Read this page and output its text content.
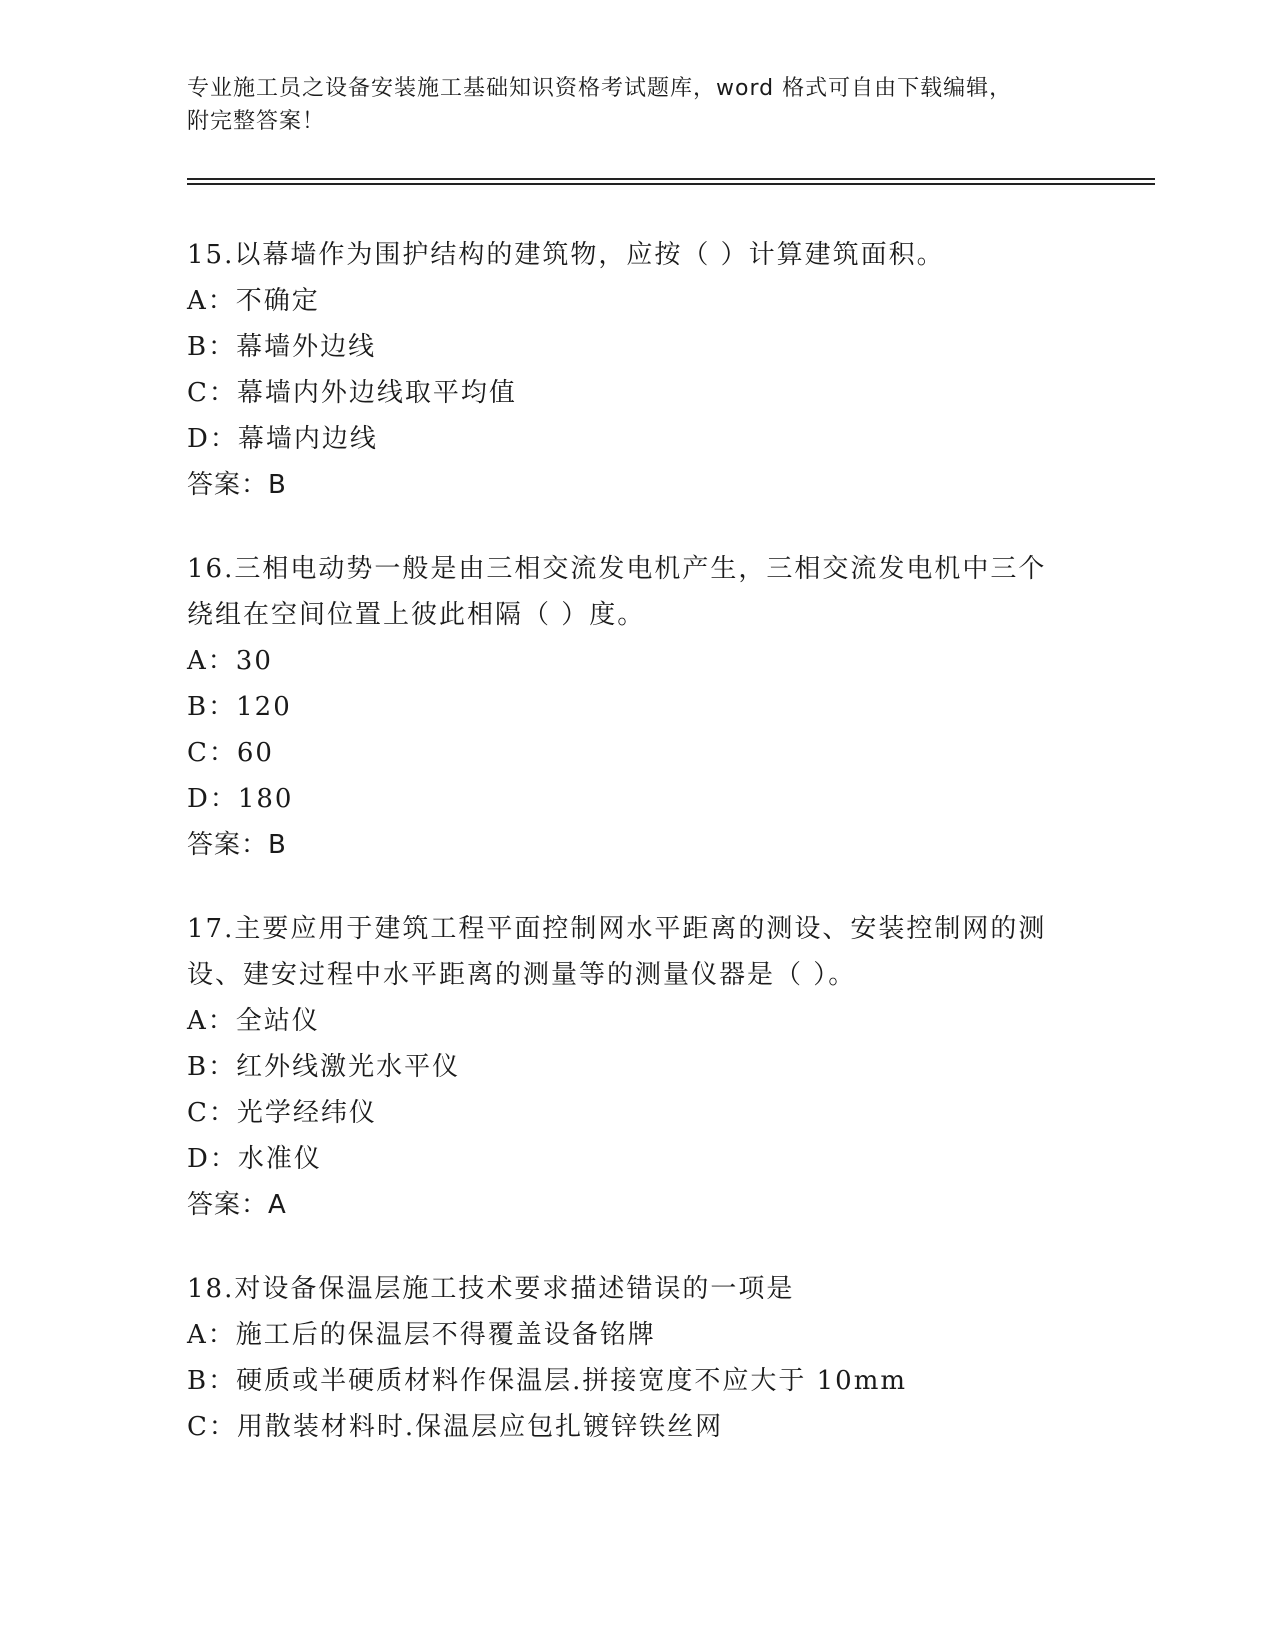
专业施工员之设备安装施工基础知识资格考试题库，word 格式可自由下载编辑，
附完整答案！
15.以幕墙作为围护结构的建筑物，应按（ ）计算建筑面积。
A：不确定
B：幕墙外边线
C：幕墙内外边线取平均值
D：幕墙内边线
答案：B
16.三相电动势一般是由三相交流发电机产生，三相交流发电机中三个
绕组在空间位置上彼此相隔（ ）度。
A：30
B：120
C：60
D：180
答案：B
17.主要应用于建筑工程平面控制网水平距离的测设、安装控制网的测
设、建安过程中水平距离的测量等的测量仪器是（ ）。
A：全站仪
B：红外线激光水平仪
C：光学经纬仪
D：水准仪
答案：A
18.对设备保温层施工技术要求描述错误的一项是
A：施工后的保温层不得覆盖设备铭牌
B：硬质或半硬质材料作保温层.拼接宽度不应大于 10mm
C：用散装材料时.保温层应包扎镀锌铁丝网
